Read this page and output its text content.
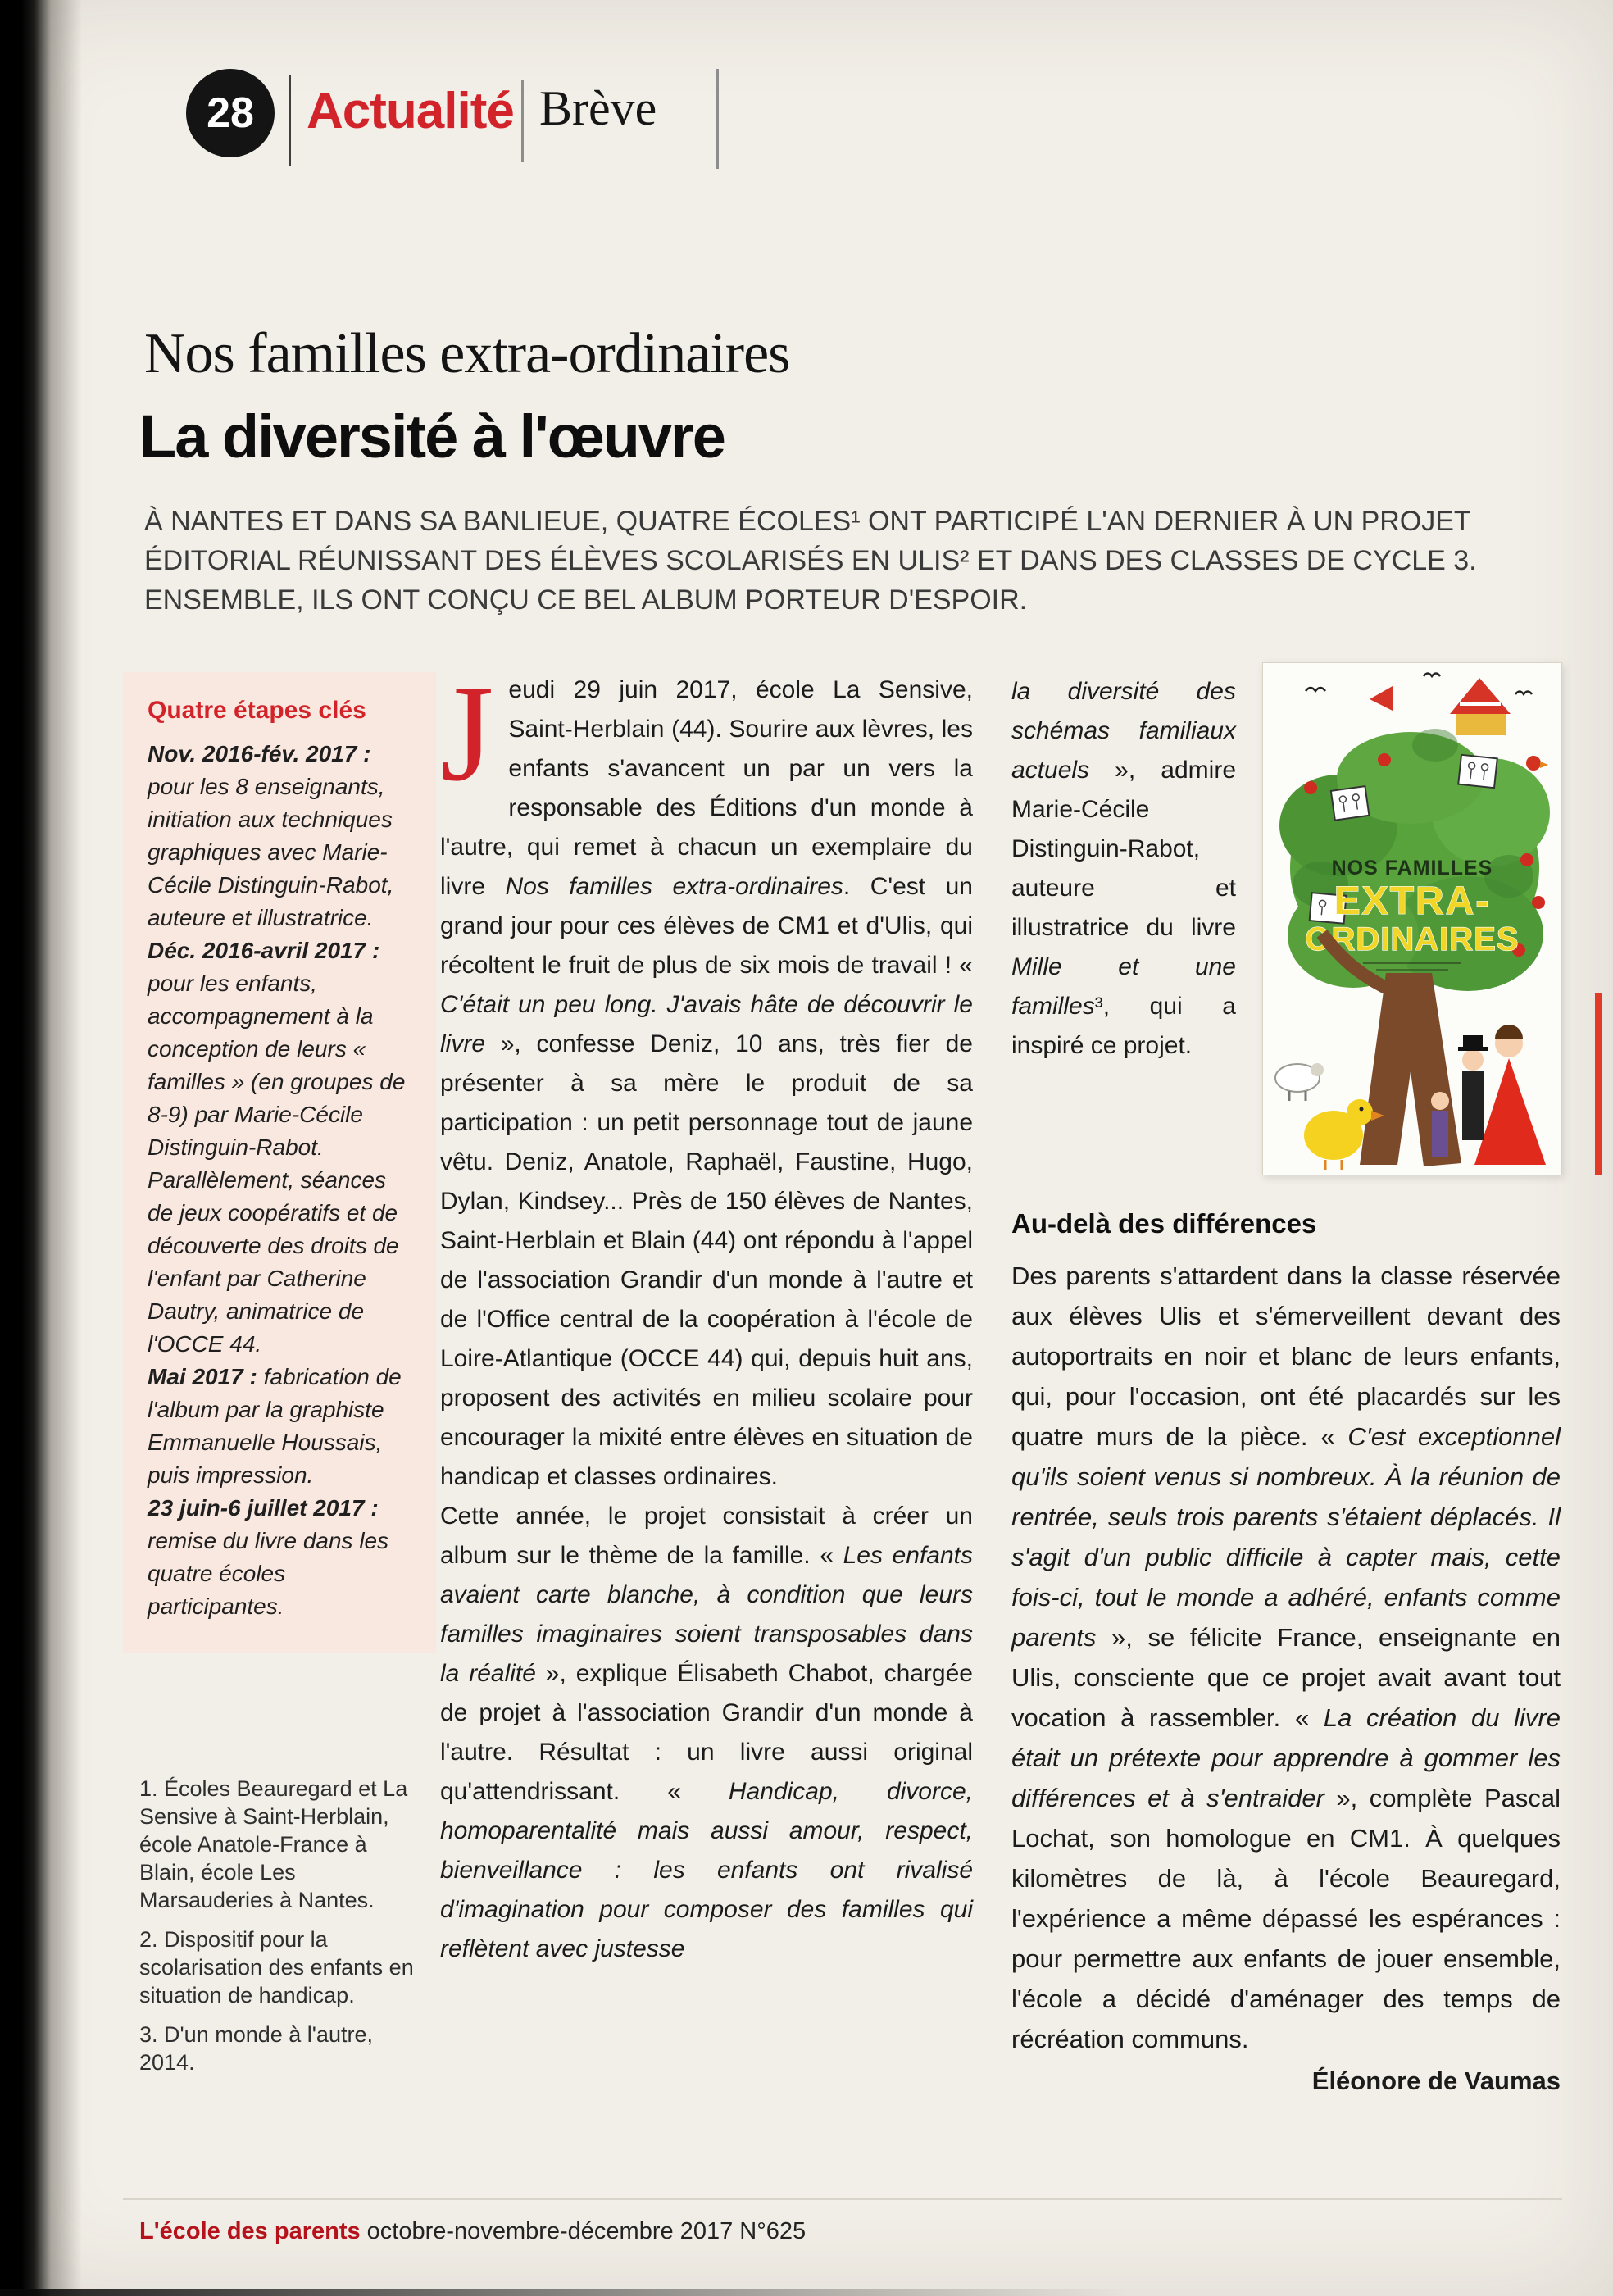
28 Actualité Brève
Nos familles extra-ordinaires
La diversité à l'œuvre
À NANTES ET DANS SA BANLIEUE, QUATRE ÉCOLES¹ ONT PARTICIPÉ L'AN DERNIER À UN PROJET ÉDITORIAL RÉUNISSANT DES ÉLÈVES SCOLARISÉS EN ULIS² ET DANS DES CLASSES DE CYCLE 3. ENSEMBLE, ILS ONT CONÇU CE BEL ALBUM PORTEUR D'ESPOIR.

Quatre étapes clés

Nov. 2016-fév. 2017 : pour les 8 enseignants, initiation aux techniques graphiques avec Marie-Cécile Distinguin-Rabot, auteure et illustratrice.

Déc. 2016-avril 2017 : pour les enfants, accompagnement à la conception de leurs « familles » (en groupes de 8-9) par Marie-Cécile Distinguin-Rabot. Parallèlement, séances de jeux coopératifs et de découverte des droits de l'enfant par Catherine Dautry, animatrice de l'OCCE 44.

Mai 2017 : fabrication de l'album par la graphiste Emmanuelle Houssais, puis impression.

23 juin-6 juillet 2017 : remise du livre dans les quatre écoles participantes.

1. Écoles Beauregard et La Sensive à Saint-Herblain, école Anatole-France à Blain, école Les Marsauderies à Nantes.

2. Dispositif pour la scolarisation des enfants en situation de handicap.

3. D'un monde à l'autre, 2014.

Jeudi 29 juin 2017, école La Sensive, Saint-Herblain (44). Sourire aux lèvres, les enfants s'avancent un par un vers la responsable des Éditions d'un monde à l'autre, qui remet à chacun un exemplaire du livre Nos familles extra-ordinaires. C'est un grand jour pour ces élèves de CM1 et d'Ulis, qui récoltent le fruit de plus de six mois de travail ! « C'était un peu long. J'avais hâte de découvrir le livre », confesse Deniz, 10 ans, très fier de présenter à sa mère le produit de sa participation : un petit personnage tout de jaune vêtu. Deniz, Anatole, Raphaël, Faustine, Hugo, Dylan, Kindsey... Près de 150 élèves de Nantes, Saint-Herblain et Blain (44) ont répondu à l'appel de l'association Grandir d'un monde à l'autre et de l'Office central de la coopération à l'école de Loire-Atlantique (OCCE 44) qui, depuis huit ans, proposent des activités en milieu scolaire pour encourager la mixité entre élèves en situation de handicap et classes ordinaires.

Cette année, le projet consistait à créer un album sur le thème de la famille. « Les enfants avaient carte blanche, à condition que leurs familles imaginaires soient transposables dans la réalité », explique Élisabeth Chabot, chargée de projet à l'association Grandir d'un monde à l'autre. Résultat : un livre aussi original qu'attendrissant. « Handicap, divorce, homoparentalité mais aussi amour, respect, bienveillance : les enfants ont rivalisé d'imagination pour composer des familles qui reflètent avec justesse

la diversité des schémas familiaux actuels », admire Marie-Cécile Distinguin-Rabot, auteure et illustratrice du livre Mille et une familles³, qui a inspiré ce projet.
NOS FAMILLES
EXTRA-
ORDINAIRES
Au-delà des différences
Des parents s'attardent dans la classe réservée aux élèves Ulis et s'émerveillent devant des autoportraits en noir et blanc de leurs enfants, qui, pour l'occasion, ont été placardés sur les quatre murs de la pièce. « C'est exceptionnel qu'ils soient venus si nombreux. À la réunion de rentrée, seuls trois parents s'étaient déplacés. Il s'agit d'un public difficile à capter mais, cette fois-ci, tout le monde a adhéré, enfants comme parents », se félicite France, enseignante en Ulis, consciente que ce projet avait avant tout vocation à rassembler. « La création du livre était un prétexte pour apprendre à gommer les différences et à s'entraider », complète Pascal Lochat, son homologue en CM1. À quelques kilomètres de là, à l'école Beauregard, l'expérience a même dépassé les espérances : pour permettre aux enfants de jouer ensemble, l'école a décidé d'aménager des temps de récréation communs.
Éléonore de Vaumas
L'école des parents octobre-novembre-décembre 2017 N°625
